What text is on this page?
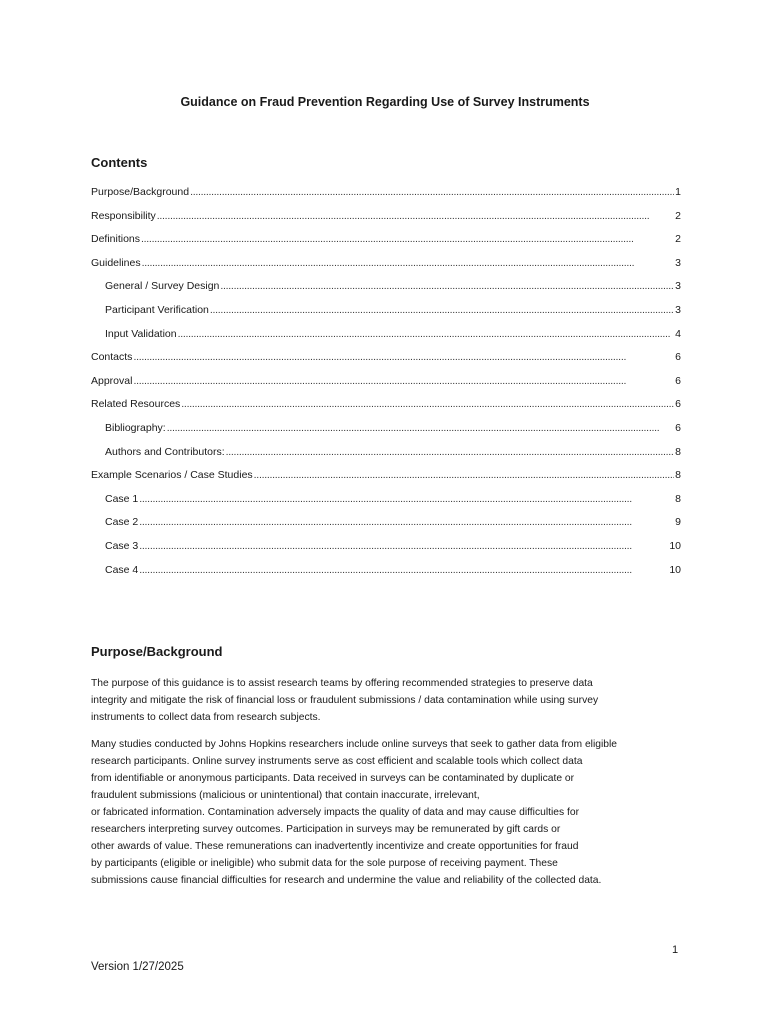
Guidance on Fraud Prevention Regarding Use of Survey Instruments
Contents
Purpose/Background . . .	1
Responsibility . . .	2
Definitions . . .	2
Guidelines . . .	3
General / Survey Design . . .	3
Participant Verification . . .	3
Input Validation . . .	4
Contacts . . .	6
Approval . . .	6
Related Resources . . .	6
Bibliography: . . .	6
Authors and Contributors: . . .	8
Example Scenarios / Case Studies . . .	8
Case 1 . . .	8
Case 2 . . .	9
Case 3 . . .	10
Case 4 . . .	10
Purpose/Background

The purpose of this guidance is to assist research teams by offering recommended strategies to preserve data
integrity and mitigate the risk of financial loss or fraudulent submissions / data contamination while using survey
instruments to collect data from research subjects.

Many studies conducted by Johns Hopkins researchers include online surveys that seek to gather data from eligible
research participants. Online survey instruments serve as cost efficient and scalable tools which collect data
from identifiable or anonymous participants. Data received in surveys can be contaminated by duplicate or
fraudulent submissions (malicious or unintentional) that contain inaccurate, irrelevant,
or fabricated information. Contamination adversely impacts the quality of data and may cause difficulties for
researchers interpreting survey outcomes. Participation in surveys may be remunerated by gift cards or
other awards of value. These remunerations can inadvertently incentivize and create opportunities for fraud
by participants (eligible or ineligible) who submit data for the sole purpose of receiving payment. These
submissions cause financial difficulties for research and undermine the value and reliability of the collected data.

1
Version 1/27/2025
